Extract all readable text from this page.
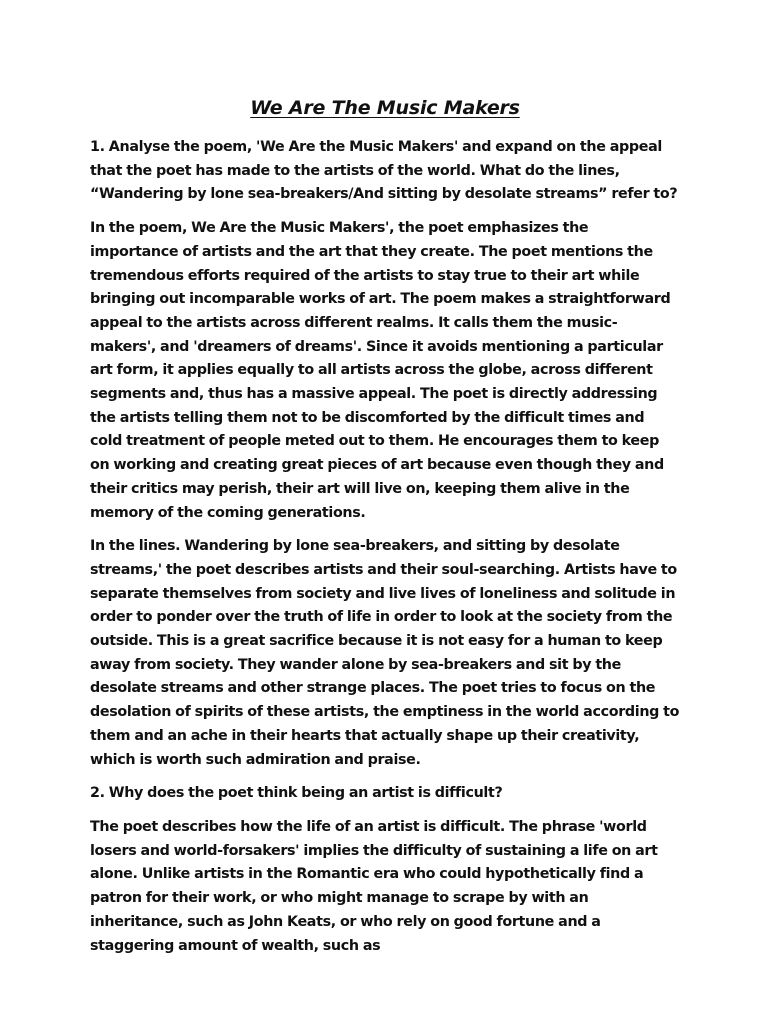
We Are The Music Makers

1. Analyse the poem, 'We Are the Music Makers' and expand on the appeal that the poet has made to the artists of the world. What do the lines, “Wandering by lone sea-breakers/And sitting by desolate streams” refer to?

In the poem, We Are the Music Makers', the poet emphasizes the importance of artists and the art that they create. The poet mentions the tremendous efforts required of the artists to stay true to their art while bringing out incomparable works of art. The poem makes a straightforward appeal to the artists across different realms. It calls them the music-makers', and 'dreamers of dreams'. Since it avoids mentioning a particular art form, it applies equally to all artists across the globe, across different segments and, thus has a massive appeal. The poet is directly addressing the artists telling them not to be discomforted by the difficult times and cold treatment of people meted out to them. He encourages them to keep on working and creating great pieces of art because even though they and their critics may perish, their art will live on, keeping them alive in the memory of the coming generations.

In the lines. Wandering by lone sea-breakers, and sitting by desolate streams,' the poet describes artists and their soul-searching. Artists have to separate themselves from society and live lives of loneliness and solitude in order to ponder over the truth of life in order to look at the society from the outside. This is a great sacrifice because it is not easy for a human to keep away from society. They wander alone by sea-breakers and sit by the desolate streams and other strange places. The poet tries to focus on the desolation of spirits of these artists, the emptiness in the world according to them and an ache in their hearts that actually shape up their creativity, which is worth such admiration and praise.

2. Why does the poet think being an artist is difficult?

The poet describes how the life of an artist is difficult. The phrase 'world losers and world-forsakers' implies the difficulty of sustaining a life on art alone. Unlike artists in the Romantic era who could hypothetically find a patron for their work, or who might manage to scrape by with an inheritance, such as John Keats, or who rely on good fortune and a staggering amount of wealth, such as
